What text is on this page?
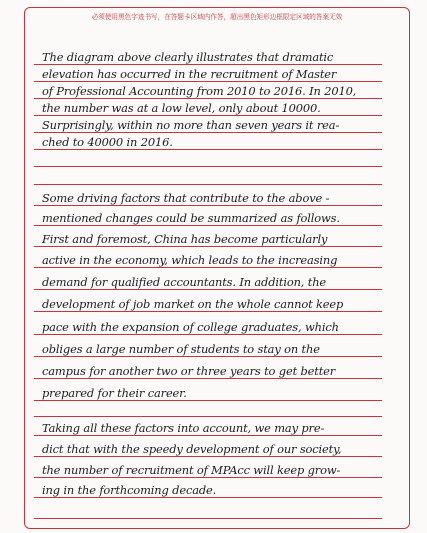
必须使用黑色字迹书写，在答题卡区域内作答，超出黑色矩形边框限定区域的答案无效
The diagram above clearly illustrates that dramatic
elevation has occurred in the recruitment of Master
of Professional Accounting from 2010 to 2016. In 2010,
the number was at a low level, only about 10000.
Surprisingly, within no more than seven years it rea-
ched to 40000 in 2016.
Some driving factors that contribute to the above -
mentioned changes could be summarized as follows.
First and foremost, China has become particularly
active in the economy, which leads to the increasing
demand for qualified accountants. In addition, the
development of job market on the whole cannot keep
pace with the expansion of college graduates, which
obliges a large number of students to stay on the
campus for another two or three years to get better
prepared for their career.
Taking all these factors into account, we may pre-
dict that with the speedy development of our society,
the number of recruitment of MPAcc will keep grow-
ing in the forthcoming decade.
